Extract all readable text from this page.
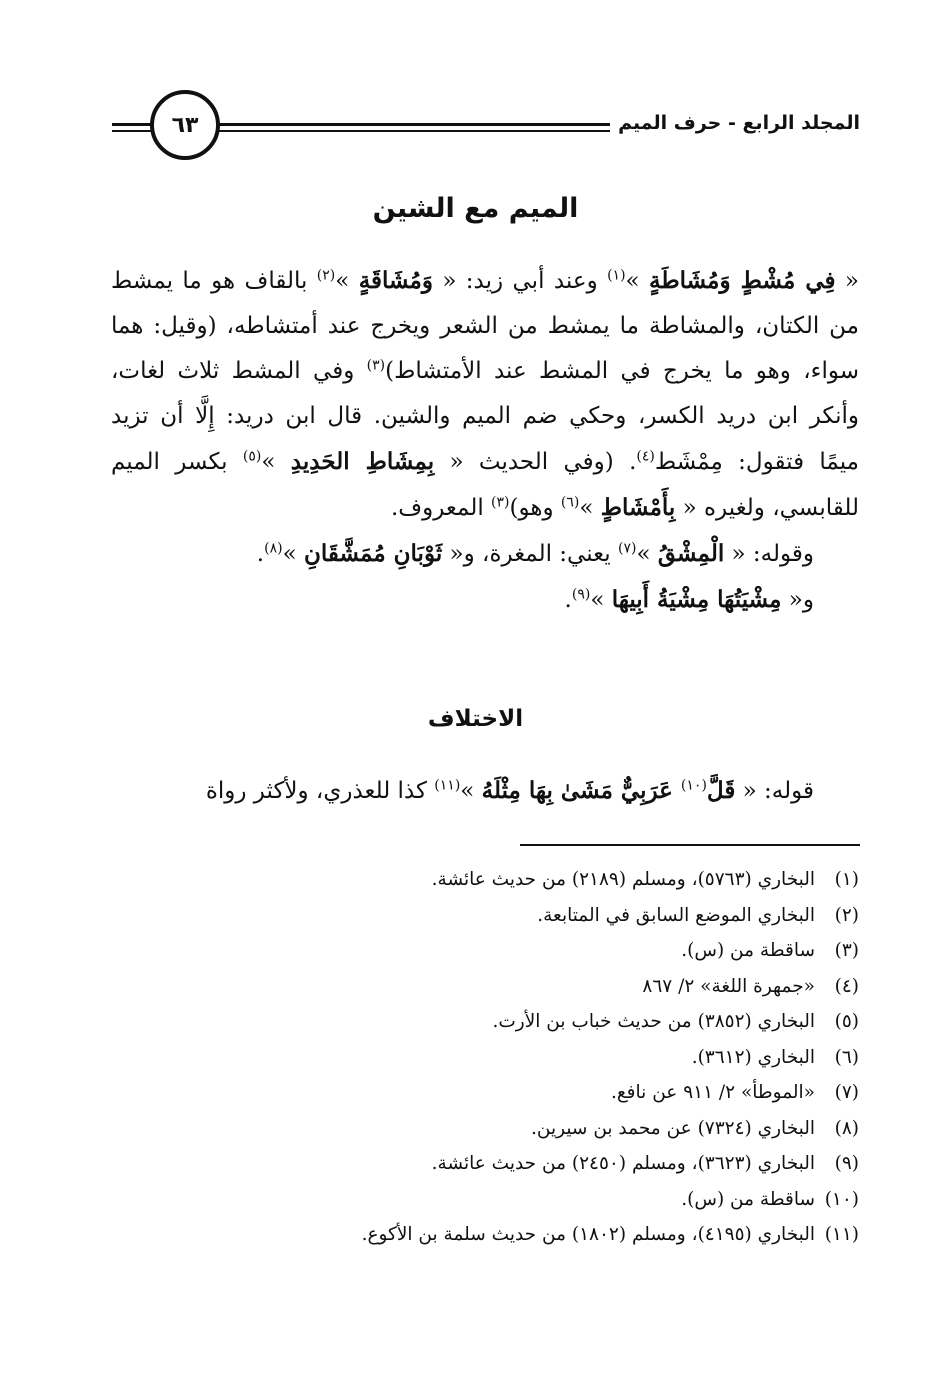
المجلد الرابع - حرف الميم
٦٣
الميم مع الشين
« فِي مُشْطٍ وَمُشَاطَةٍ »$^{(١)}$ وعند أبي زيد: « وَمُشَاقَةٍ »$^{(٢)}$ بالقاف هو ما يمشط
من الكتان، والمشاطة ما يمشط من الشعر ويخرج عند أمتشاطه، (وقيل: هما
سواء، وهو ما يخرج في المشط عند الأمتشاط)$^{(٣)}$ وفي المشط ثلاث لغات،
وأنكر ابن دريد الكسر، وحكي ضم الميم والشين. قال ابن دريد: إِلَّا أن تزيد
ميمًا فتقول: مِمْشَط$^{(٤)}$. (وفي الحديث « بِمِشَاطِ الحَدِيدِ »$^{(٥)}$ بكسر الميم
للقابسي، ولغيره « بِأَمْشَاطٍ »$^{(٦)}$ وهو)$^{(٣)}$ المعروف.
وقوله: « الْمِشْقُ »$^{(٧)}$ يعني: المغرة، و« ثَوْبَانِ مُمَشَّقَانِ »$^{(٨)}$.
و« مِشْيَتُهَا مِشْيَةُ أَبِيهَا »$^{(٩)}$.
الاختلاف
قوله: « قَلَّ$^{(١٠)}$ عَرَبِيٌّ مَشَىٰ بِهَا مِثْلَهُ »$^{(١١)}$ كذا للعذري، ولأكثر رواة
(١)البخاري (٥٧٦٣)، ومسلم (٢١٨٩) من حديث عائشة.
(٢)البخاري الموضع السابق في المتابعة.
(٣)ساقطة من (س).
(٤)«جمهرة اللغة» ٢/ ٨٦٧
(٥)البخاري (٣٨٥٢) من حديث خباب بن الأرت.
(٦)البخاري (٣٦١٢).
(٧)«الموطأ» ٢/ ٩١١ عن نافع.
(٨)البخاري (٧٣٢٤) عن محمد بن سيرين.
(٩)البخاري (٣٦٢٣)، ومسلم (٢٤٥٠) من حديث عائشة.
(١٠)ساقطة من (س).
(١١)البخاري (٤١٩٥)، ومسلم (١٨٠٢) من حديث سلمة بن الأكوع.
